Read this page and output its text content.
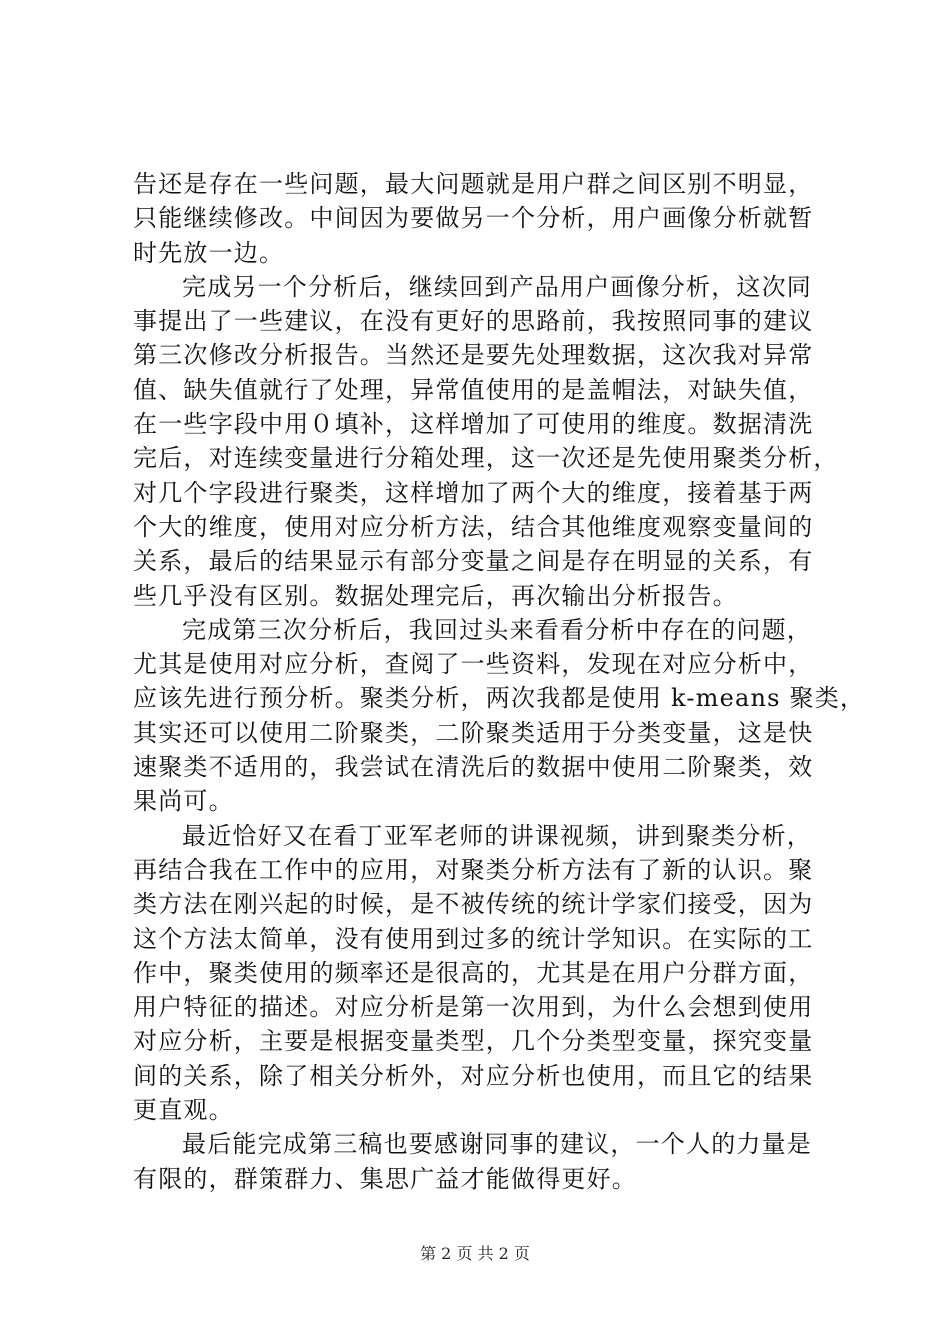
告还是存在一些问题，最大问题就是用户群之间区别不明显，
只能继续修改。中间因为要做另一个分析，用户画像分析就暂
时先放一边。
完成另一个分析后，继续回到产品用户画像分析，这次同
事提出了一些建议，在没有更好的思路前，我按照同事的建议
第三次修改分析报告。当然还是要先处理数据，这次我对异常
值、缺失值就行了处理，异常值使用的是盖帽法，对缺失值，
在一些字段中用０填补，这样增加了可使用的维度。数据清洗
完后，对连续变量进行分箱处理，这一次还是先使用聚类分析，
对几个字段进行聚类，这样增加了两个大的维度，接着基于两
个大的维度，使用对应分析方法，结合其他维度观察变量间的
关系，最后的结果显示有部分变量之间是存在明显的关系，有
些几乎没有区别。数据处理完后，再次输出分析报告。
完成第三次分析后，我回过头来看看分析中存在的问题，
尤其是使用对应分析，查阅了一些资料，发现在对应分析中，
应该先进行预分析。聚类分析，两次我都是使用 k-means 聚类，
其实还可以使用二阶聚类，二阶聚类适用于分类变量，这是快
速聚类不适用的，我尝试在清洗后的数据中使用二阶聚类，效
果尚可。
最近恰好又在看丁亚军老师的讲课视频，讲到聚类分析，
再结合我在工作中的应用，对聚类分析方法有了新的认识。聚
类方法在刚兴起的时候，是不被传统的统计学家们接受，因为
这个方法太简单，没有使用到过多的统计学知识。在实际的工
作中，聚类使用的频率还是很高的，尤其是在用户分群方面，
用户特征的描述。对应分析是第一次用到，为什么会想到使用
对应分析，主要是根据变量类型，几个分类型变量，探究变量
间的关系，除了相关分析外，对应分析也使用，而且它的结果
更直观。
最后能完成第三稿也要感谢同事的建议，一个人的力量是
有限的，群策群力、集思广益才能做得更好。
第 2 页 共 2 页
